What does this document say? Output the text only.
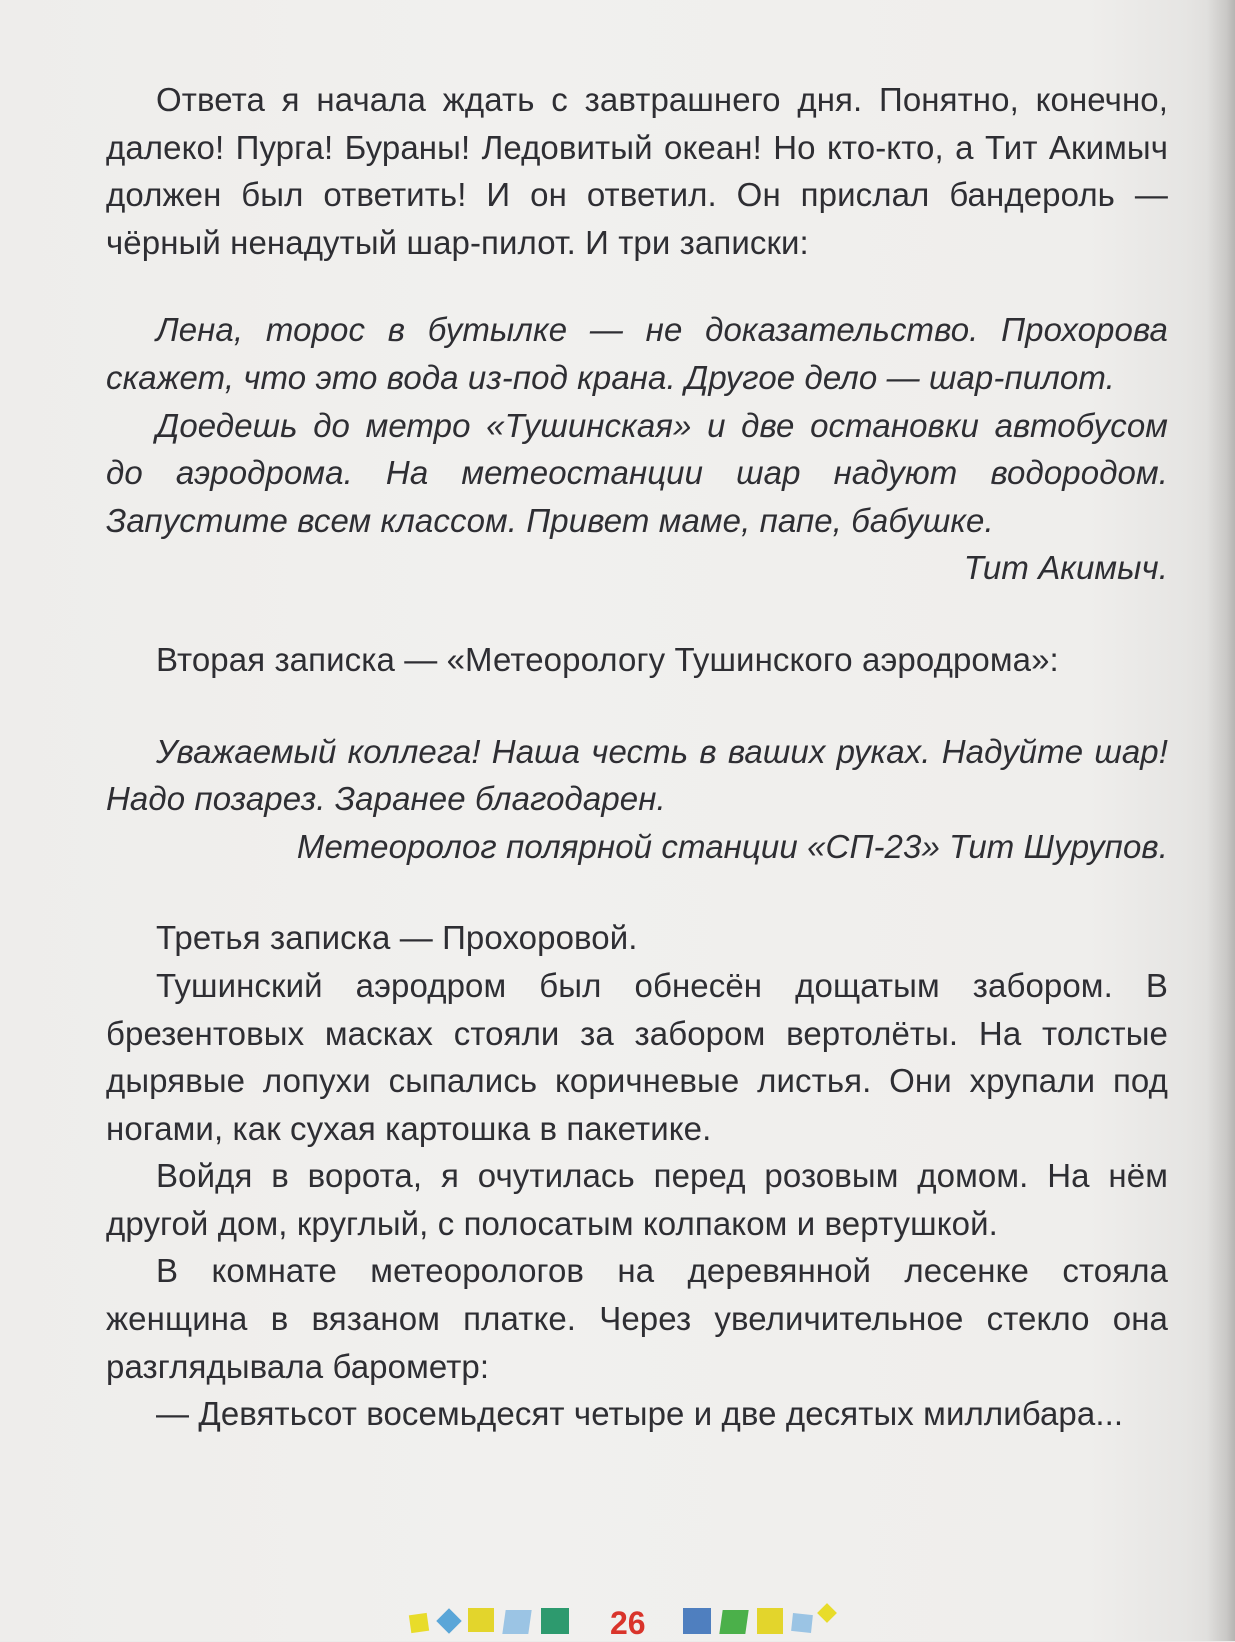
Ответа я начала ждать с завтрашнего дня. Понятно, конечно, далеко! Пурга! Бураны! Ледовитый океан! Но кто-кто, а Тит Акимыч должен был ответить! И он ответил. Он прислал бандероль — чёрный ненадутый шар-пилот. И три записки:

Лена, торос в бутылке — не доказательство. Прохорова скажет, что это вода из-под крана. Другое дело — шар-пилот.

Доедешь до метро «Тушинская» и две остановки автобусом до аэродрома. На метеостанции шар надуют водородом. Запустите всем классом. Привет маме, папе, бабушке.

Тит Акимыч.

Вторая записка — «Метеорологу Тушинского аэродрома»:

Уважаемый коллега! Наша честь в ваших руках. Надуйте шар! Надо позарез. Заранее благодарен.

Метеоролог полярной станции «СП-23» Тит Шурупов.

Третья записка — Прохоровой.

Тушинский аэродром был обнесён дощатым забором. В брезентовых масках стояли за забором вертолёты. На толстые дырявые лопухи сыпались коричневые листья. Они хрупали под ногами, как сухая картошка в пакетике.

Войдя в ворота, я очутилась перед розовым домом. На нём другой дом, круглый, с полосатым колпаком и вертушкой.

В комнате метеорологов на деревянной лесенке стояла женщина в вязаном платке. Через увеличительное стекло она разглядывала барометр:

— Девятьсот восемьдесят четыре и две десятых миллибара...

26
